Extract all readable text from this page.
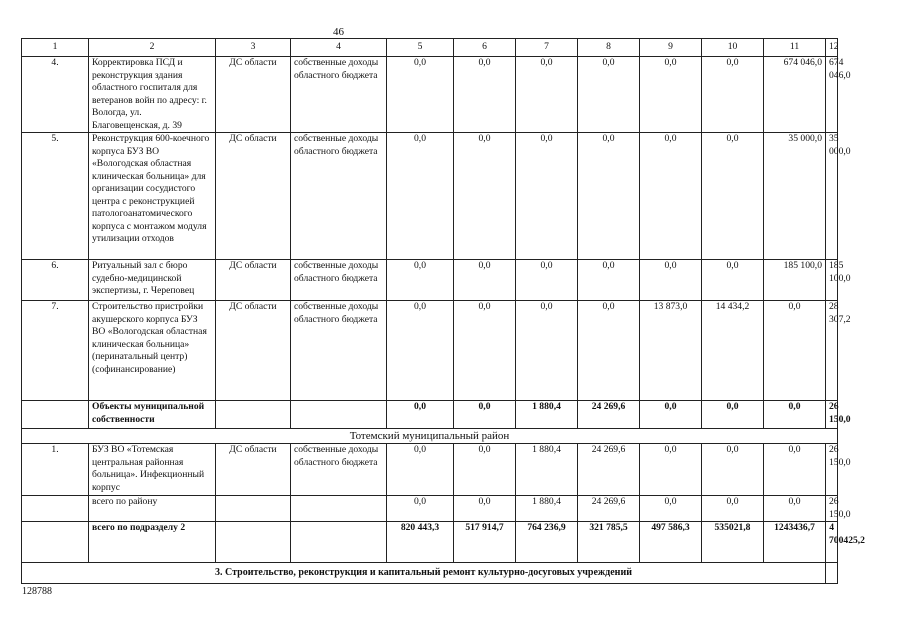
46
1	2	3	4	5	6	7	8	9	10	11	12
4.	Корректировка ПСД и реконструкция здания областного госпиталя для ветеранов войн по адресу: г. Вологда, ул. Благовещенская, д. 39	ДС области	собственные доходы областного бюджета	0,0	0,0	0,0	0,0	0,0	0,0	674 046,0	674 046,0
5.	Реконструкция 600-коечного корпуса БУЗ ВО «Вологодская областная клиническая больница» для организации сосудистого центра с реконструкцией патологоанатомического корпуса с монтажом модуля утилизации отходов	ДС области	собственные доходы областного бюджета	0,0	0,0	0,0	0,0	0,0	0,0	35 000,0	35 000,0
6.	Ритуальный зал с бюро судебно-медицинской экспертизы, г. Череповец	ДС области	собственные доходы областного бюджета	0,0	0,0	0,0	0,0	0,0	0,0	185 100,0	185 100,0
7.	Строительство пристройки акушерского корпуса БУЗ ВО «Вологодская областная клиническая больница» (перинатальный центр) (софинансирование)	ДС области	собственные доходы областного бюджета	0,0	0,0	0,0	0,0	13 873,0	14 434,2	0,0	28 307,2
	Объекты муниципальной собственности			0,0	0,0	1 880,4	24 269,6	0,0	0,0	0,0	26 150,0
Тотемский муниципальный район											
1.	БУЗ ВО «Тотемская центральная районная больница». Инфекционный корпус	ДС области	собственные доходы областного бюджета	0,0	0,0	1 880,4	24 269,6	0,0	0,0	0,0	26 150,0
	всего по району			0,0	0,0	1 880,4	24 269,6	0,0	0,0	0,0	26 150,0
	всего по подразделу 2			820 443,3	517 914,7	764 236,9	321 785,5	497 586,3	535021,8	1243436,7	4 700425,2
3. Строительство, реконструкция и капитальный ремонт культурно-досуговых учреждений											
128788
